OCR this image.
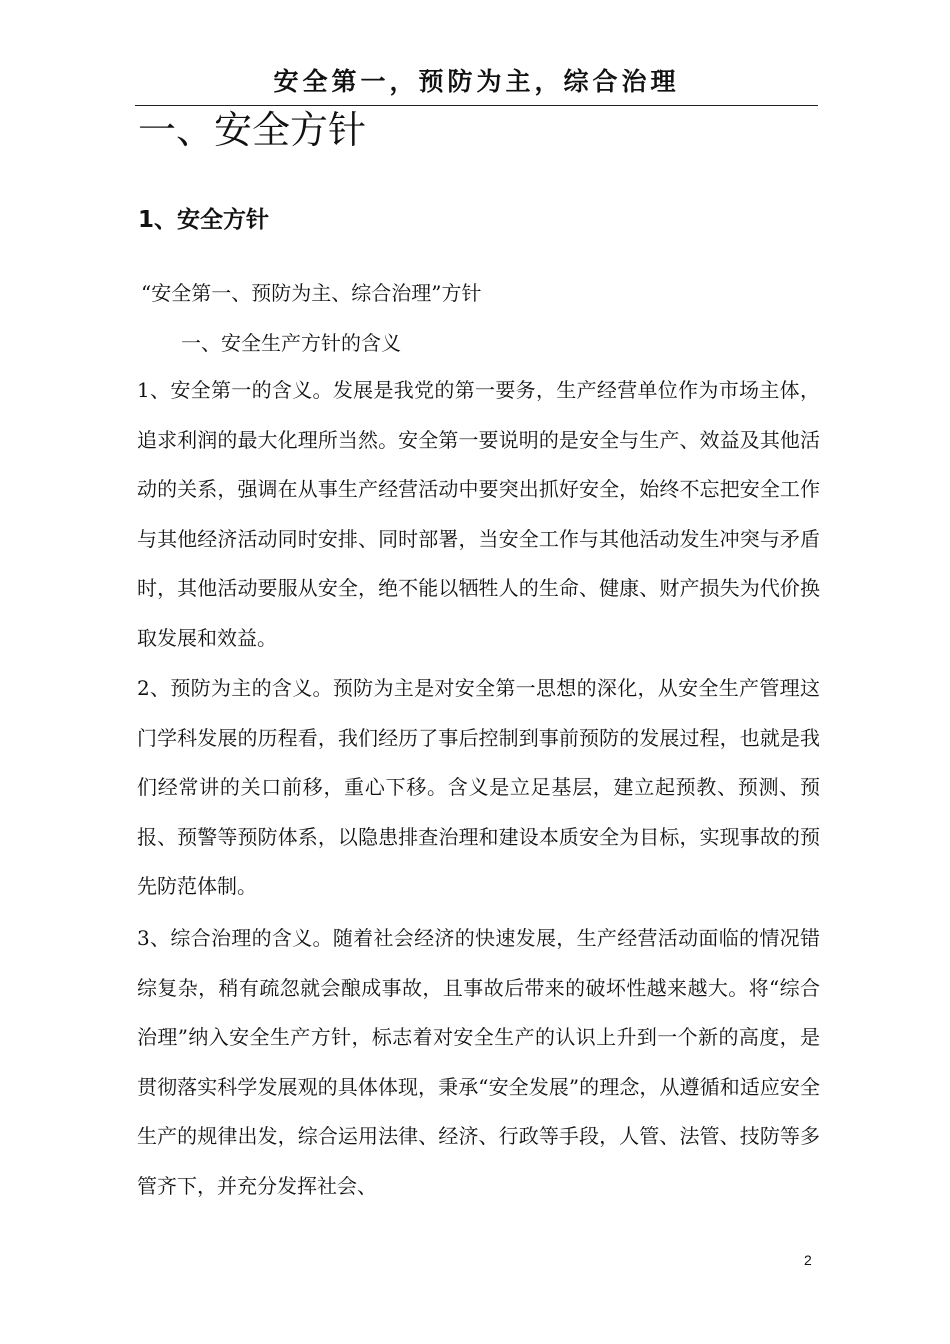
安全第一，预防为主，综合治理
一、安全方针
1、安全方针
“安全第一、预防为主、综合治理”方针
一、安全生产方针的含义
1、安全第一的含义。发展是我党的第一要务，生产经营单位作为市场主体，追求利润的最大化理所当然。安全第一要说明的是安全与生产、效益及其他活动的关系，强调在从事生产经营活动中要突出抓好安全，始终不忘把安全工作与其他经济活动同时安排、同时部署，当安全工作与其他活动发生冲突与矛盾时，其他活动要服从安全，绝不能以牺牲人的生命、健康、财产损失为代价换取发展和效益。
2、预防为主的含义。预防为主是对安全第一思想的深化，从安全生产管理这门学科发展的历程看，我们经历了事后控制到事前预防的发展过程，也就是我们经常讲的关口前移，重心下移。含义是立足基层，建立起预教、预测、预报、预警等预防体系，以隐患排查治理和建设本质安全为目标，实现事故的预先防范体制。
3、综合治理的含义。随着社会经济的快速发展，生产经营活动面临的情况错综复杂，稍有疏忽就会酿成事故，且事故后带来的破坏性越来越大。将“综合治理”纳入安全生产方针，标志着对安全生产的认识上升到一个新的高度，是贯彻落实科学发展观的具体体现，秉承“安全发展”的理念，从遵循和适应安全生产的规律出发，综合运用法律、经济、行政等手段，人管、法管、技防等多管齐下，并充分发挥社会、
2
